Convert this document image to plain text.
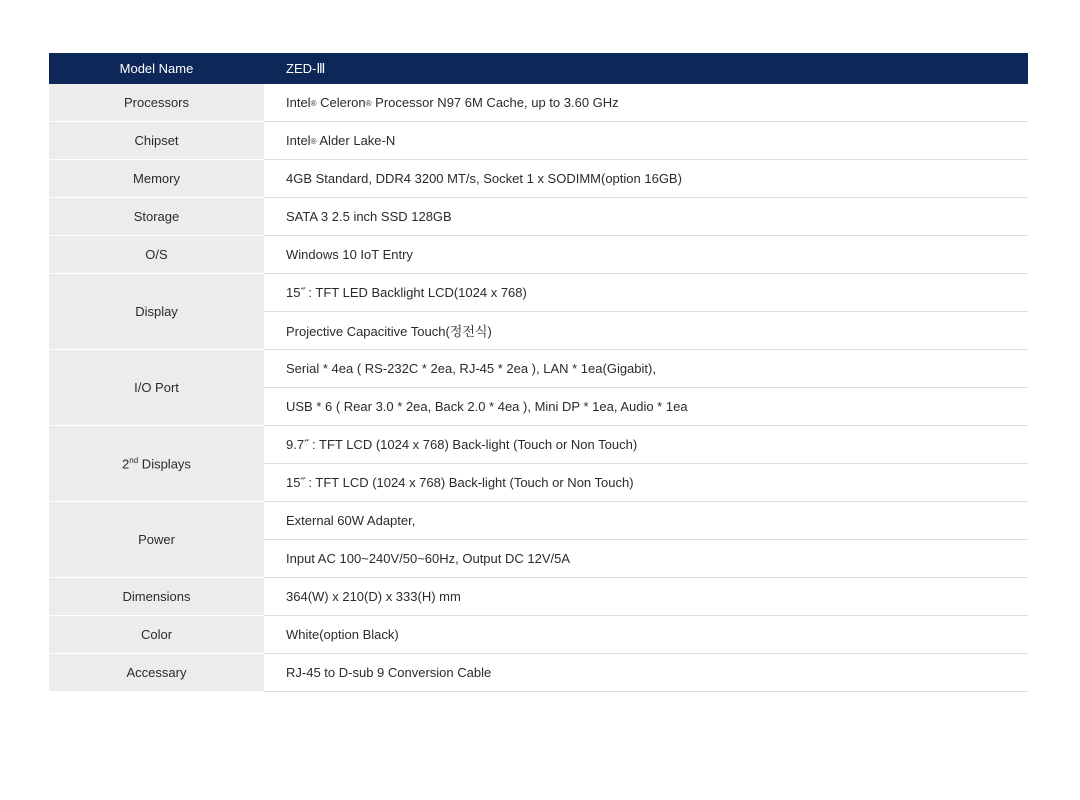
Model Name	ZED-Ⅲ
Processors	Intel® Celeron® Processor N97 6M Cache, up to 3.60 GHz
Chipset	Intel® Alder Lake-N
Memory	4GB Standard, DDR4 3200 MT/s, Socket 1 x SODIMM(option 16GB)
Storage	SATA 3 2.5 inch SSD 128GB
O/S	Windows 10 IoT Entry
Display	15˝ : TFT LED Backlight LCD(1024 x 768)
	Projective Capacitive Touch(정전식)
I/O Port	Serial * 4ea ( RS-232C * 2ea, RJ-45 * 2ea ), LAN * 1ea(Gigabit),
	USB * 6 ( Rear 3.0 * 2ea, Back 2.0 * 4ea ), Mini DP * 1ea, Audio * 1ea
2nd Displays	9.7˝ : TFT LCD (1024 x 768) Back-light (Touch or Non Touch)
	15˝ : TFT LCD (1024 x 768) Back-light (Touch or Non Touch)
Power	External 60W Adapter,
	Input AC 100~240V/50~60Hz, Output DC 12V/5A
Dimensions	364(W) x 210(D) x 333(H) mm
Color	White(option Black)
Accessary	RJ-45 to D-sub 9 Conversion Cable
